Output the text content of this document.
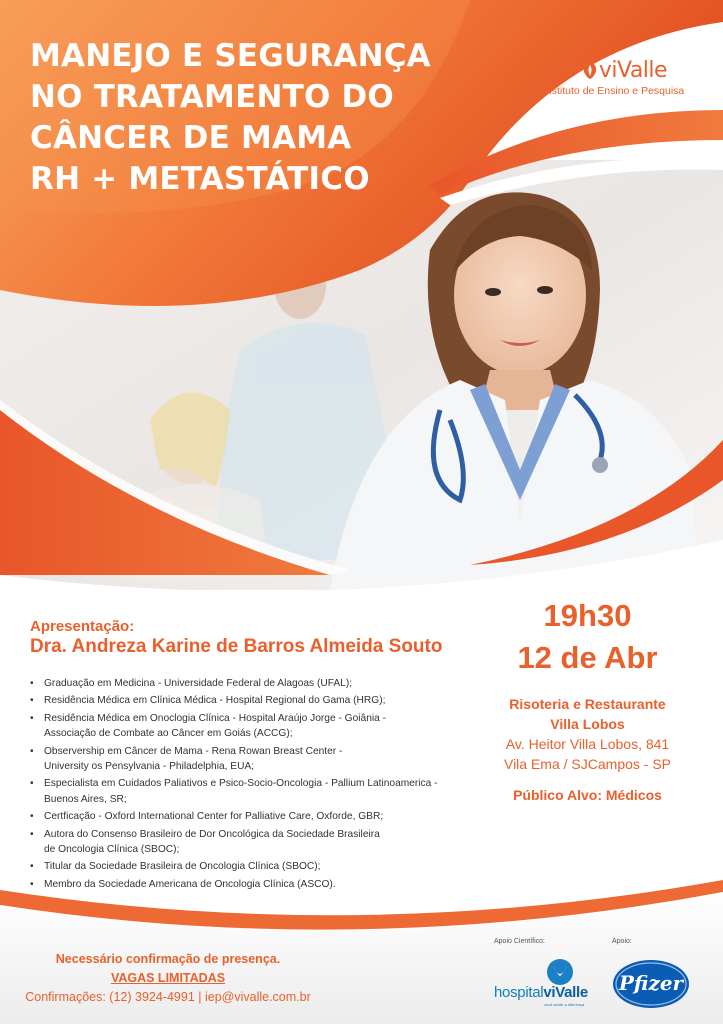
MANEJO E SEGURANÇA
NO TRATAMENTO DO
CÂNCER DE MAMA
RH + METASTÁTICO
IEP viValle
Instituto de Ensino e Pesquisa
Apresentação:
Dra. Andreza Karine de Barros Almeida Souto
• Graduação em Medicina - Universidade Federal de Alagoas (UFAL);
• Residência Médica em Clínica Médica - Hospital Regional do Gama (HRG);
• Residência Médica em Onoclogia Clínica - Hospital Araújo Jorge - Goiânia -
Associação de Combate ao Câncer em Goiás (ACCG);
• Observership em Câncer de Mama - Rena Rowan Breast Center -
University os Pensylvania - Philadelphia, EUA;
• Especialista em Cuidados Paliativos e Psico-Socio-Oncologia - Pallium Latinoamerica -
Buenos Aires, SR;
• Certficação - Oxford International Center for Palliative Care, Oxforde, GBR;
• Autora do Consenso Brasileiro de Dor Oncológica da Sociedade Brasileira
de Oncologia Clínica (SBOC);
• Titular da Sociedade Brasileira de Oncologia Clínica (SBOC);
• Membro da Sociedade Americana de Oncologia Clínica (ASCO).
19h30
12 de Abr
Risoteria e Restaurante
Villa Lobos
Av. Heitor Villa Lobos, 841
Vila Ema / SJCampos - SP
Público Alvo: Médicos
Necessário confirmação de presença.
VAGAS LIMITADAS
Confirmações: (12) 3924-4991 | iep@vivalle.com.br
Apoio Científico:	Apoio:
hospitalviValle
você sente a diferença
Pfizer
